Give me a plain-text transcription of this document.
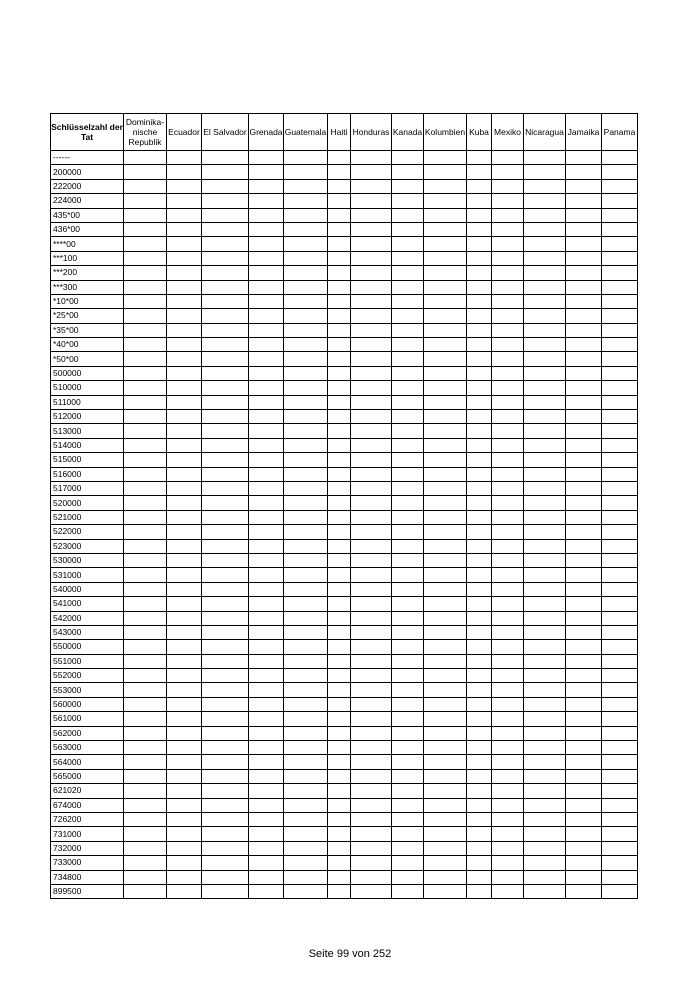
Schlüsselzahl der Tat	Dominika-nische Republik	Ecuador	El Salvador	Grenada	Guatemala	Haiti	Honduras	Kanada	Kolumbien	Kuba	Mexiko	Nicaragua	Jamaika	Panama
------														
200000														
222000														
224000														
435*00														
436*00														
****00														
***100														
***200														
***300														
*10*00														
*25*00														
*35*00														
*40*00														
*50*00														
500000														
510000														
511000														
512000														
513000														
514000														
515000														
516000														
517000														
520000														
521000														
522000														
523000														
530000														
531000														
540000														
541000														
542000														
543000														
550000														
551000														
552000														
553000														
560000														
561000														
562000														
563000														
564000														
565000														
621020														
674000														
726200														
731000														
732000														
733000														
734800														
899500														
Seite 99 von 252
